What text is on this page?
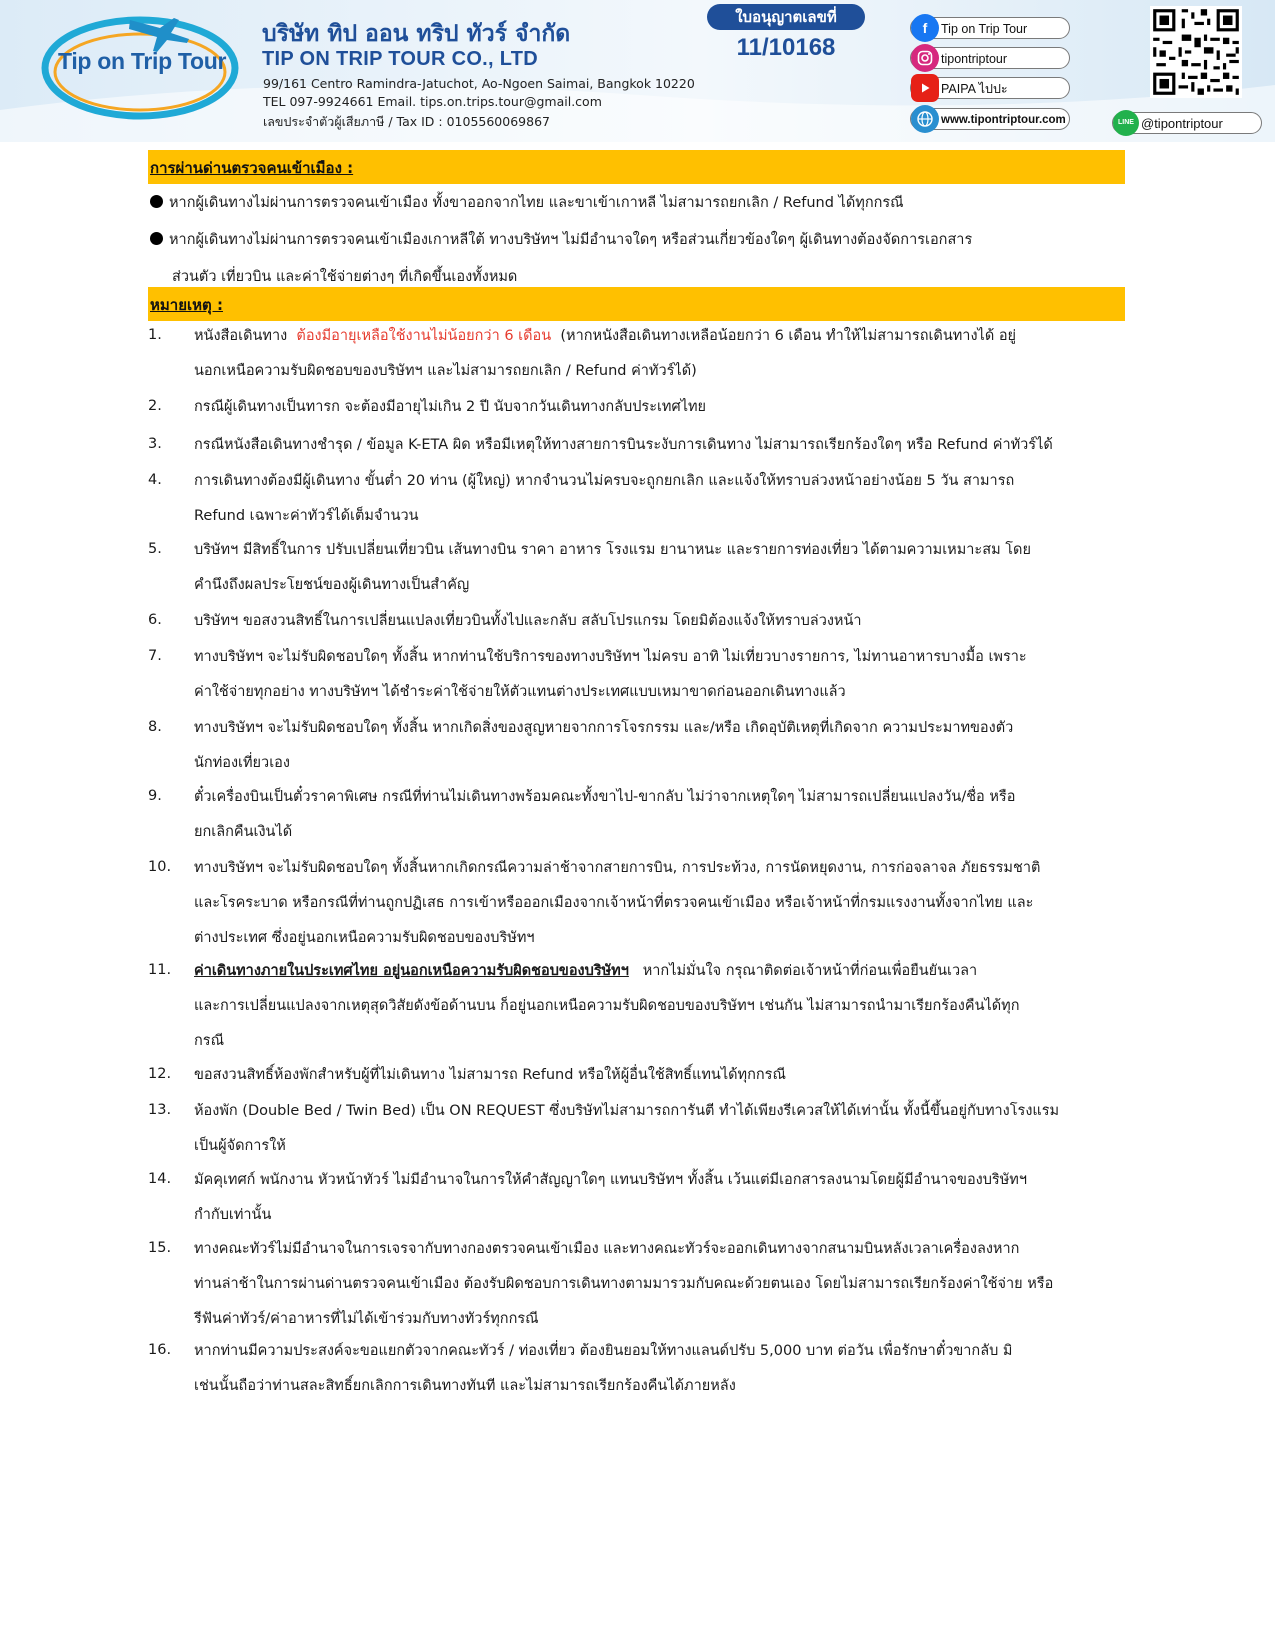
Tip on Trip Tour
บริษัท ทิป ออน ทริป ทัวร์ จำกัด
TIP ON TRIP TOUR CO., LTD
99/161 Centro Ramindra-Jatuchot, Ao-Ngoen Saimai, Bangkok 10220
TEL 097-9924661 Email. tips.on.trips.tour@gmail.com
เลขประจำตัวผู้เสียภาษี / Tax ID : 0105560069867
ใบอนุญาตเลขที่
11/10168
f	Tip on Trip Tour
tipontriptour
PAIPA ไปปะ
www.tipontriptour.com	LINE @tipontriptour
การผ่านด่านตรวจคนเข้าเมือง :
หากผู้เดินทางไม่ผ่านการตรวจคนเข้าเมือง ทั้งขาออกจากไทย และขาเข้าเกาหลี ไม่สามารถยกเลิก / Refund ได้ทุกกรณี
หากผู้เดินทางไม่ผ่านการตรวจคนเข้าเมืองเกาหลีใต้ ทางบริษัทฯ ไม่มีอำนาจใดๆ หรือส่วนเกี่ยวข้องใดๆ ผู้เดินทางต้องจัดการเอกสาร
ส่วนตัว เที่ยวบิน และค่าใช้จ่ายต่างๆ ที่เกิดขึ้นเองทั้งหมด
หมายเหตุ :
1. หนังสือเดินทาง ต้องมีอายุเหลือใช้งานไม่น้อยกว่า 6 เดือน (หากหนังสือเดินทางเหลือน้อยกว่า 6 เดือน ทำให้ไม่สามารถเดินทางได้ อยู่
นอกเหนือความรับผิดชอบของบริษัทฯ และไม่สามารถยกเลิก / Refund ค่าทัวร์ได้)
2. กรณีผู้เดินทางเป็นทารก จะต้องมีอายุไม่เกิน 2 ปี นับจากวันเดินทางกลับประเทศไทย
3. กรณีหนังสือเดินทางชำรุด / ข้อมูล K-ETA ผิด หรือมีเหตุให้ทางสายการบินระงับการเดินทาง ไม่สามารถเรียกร้องใดๆ หรือ Refund ค่าทัวร์ได้
4. การเดินทางต้องมีผู้เดินทาง ขั้นต่ำ 20 ท่าน (ผู้ใหญ่) หากจำนวนไม่ครบจะถูกยกเลิก และแจ้งให้ทราบล่วงหน้าอย่างน้อย 5 วัน สามารถ
Refund เฉพาะค่าทัวร์ได้เต็มจำนวน
5. บริษัทฯ มีสิทธิ์ในการ ปรับเปลี่ยนเที่ยวบิน เส้นทางบิน ราคา อาหาร โรงแรม ยานาหนะ และรายการท่องเที่ยว ได้ตามความเหมาะสม โดย
คำนึงถึงผลประโยชน์ของผู้เดินทางเป็นสำคัญ
6. บริษัทฯ ขอสงวนสิทธิ์ในการเปลี่ยนแปลงเที่ยวบินทั้งไปและกลับ สลับโปรแกรม โดยมิต้องแจ้งให้ทราบล่วงหน้า
7. ทางบริษัทฯ จะไม่รับผิดชอบใดๆ ทั้งสิ้น หากท่านใช้บริการของทางบริษัทฯ ไม่ครบ อาทิ ไม่เที่ยวบางรายการ, ไม่ทานอาหารบางมื้อ เพราะ
ค่าใช้จ่ายทุกอย่าง ทางบริษัทฯ ได้ชำระค่าใช้จ่ายให้ตัวแทนต่างประเทศแบบเหมาขาดก่อนออกเดินทางแล้ว
8. ทางบริษัทฯ จะไม่รับผิดชอบใดๆ ทั้งสิ้น หากเกิดสิ่งของสูญหายจากการโจรกรรม และ/หรือ เกิดอุบัติเหตุที่เกิดจาก ความประมาทของตัว
นักท่องเที่ยวเอง
9. ตั๋วเครื่องบินเป็นตั๋วราคาพิเศษ กรณีที่ท่านไม่เดินทางพร้อมคณะทั้งขาไป-ขากลับ ไม่ว่าจากเหตุใดๆ ไม่สามารถเปลี่ยนแปลงวัน/ชื่อ หรือ
ยกเลิกคืนเงินได้
10. ทางบริษัทฯ จะไม่รับผิดชอบใดๆ ทั้งสิ้นหากเกิดกรณีความล่าช้าจากสายการบิน, การประท้วง, การนัดหยุดงาน, การก่อจลาจล ภัยธรรมชาติ
และโรคระบาด หรือกรณีที่ท่านถูกปฏิเสธ การเข้าหรือออกเมืองจากเจ้าหน้าที่ตรวจคนเข้าเมือง หรือเจ้าหน้าที่กรมแรงงานทั้งจากไทย และ
ต่างประเทศ ซึ่งอยู่นอกเหนือความรับผิดชอบของบริษัทฯ
11. ค่าเดินทางภายในประเทศไทย อยู่นอกเหนือความรับผิดชอบของบริษัทฯ หากไม่มั่นใจ กรุณาติดต่อเจ้าหน้าที่ก่อนเพื่อยืนยันเวลา
และการเปลี่ยนแปลงจากเหตุสุดวิสัยดังข้อด้านบน ก็อยู่นอกเหนือความรับผิดชอบของบริษัทฯ เช่นกัน ไม่สามารถนำมาเรียกร้องคืนได้ทุก
กรณี
12. ขอสงวนสิทธิ์ห้องพักสำหรับผู้ที่ไม่เดินทาง ไม่สามารถ Refund หรือให้ผู้อื่นใช้สิทธิ์แทนได้ทุกกรณี
13. ห้องพัก (Double Bed / Twin Bed) เป็น ON REQUEST ซึ่งบริษัทไม่สามารถการันตี ทำได้เพียงรีเควสให้ได้เท่านั้น ทั้งนี้ขึ้นอยู่กับทางโรงแรม
เป็นผู้จัดการให้
14. มัคคุเทศก์ พนักงาน หัวหน้าทัวร์ ไม่มีอำนาจในการให้คำสัญญาใดๆ แทนบริษัทฯ ทั้งสิ้น เว้นแต่มีเอกสารลงนามโดยผู้มีอำนาจของบริษัทฯ
กำกับเท่านั้น
15. ทางคณะทัวร์ไม่มีอำนาจในการเจรจากับทางกองตรวจคนเข้าเมือง และทางคณะทัวร์จะออกเดินทางจากสนามบินหลังเวลาเครื่องลงหาก
ท่านล่าช้าในการผ่านด่านตรวจคนเข้าเมือง ต้องรับผิดชอบการเดินทางตามมารวมกับคณะด้วยตนเอง โดยไม่สามารถเรียกร้องค่าใช้จ่าย หรือ
รีฟันค่าทัวร์/ค่าอาหารที่ไม่ได้เข้าร่วมกับทางทัวร์ทุกกรณี
16. หากท่านมีความประสงค์จะขอแยกตัวจากคณะทัวร์ / ท่องเที่ยว ต้องยินยอมให้ทางแลนด์ปรับ 5,000 บาท ต่อวัน เพื่อรักษาตั๋วขากลับ มิ
เช่นนั้นถือว่าท่านสละสิทธิ์ยกเลิกการเดินทางทันที และไม่สามารถเรียกร้องคืนได้ภายหลัง
